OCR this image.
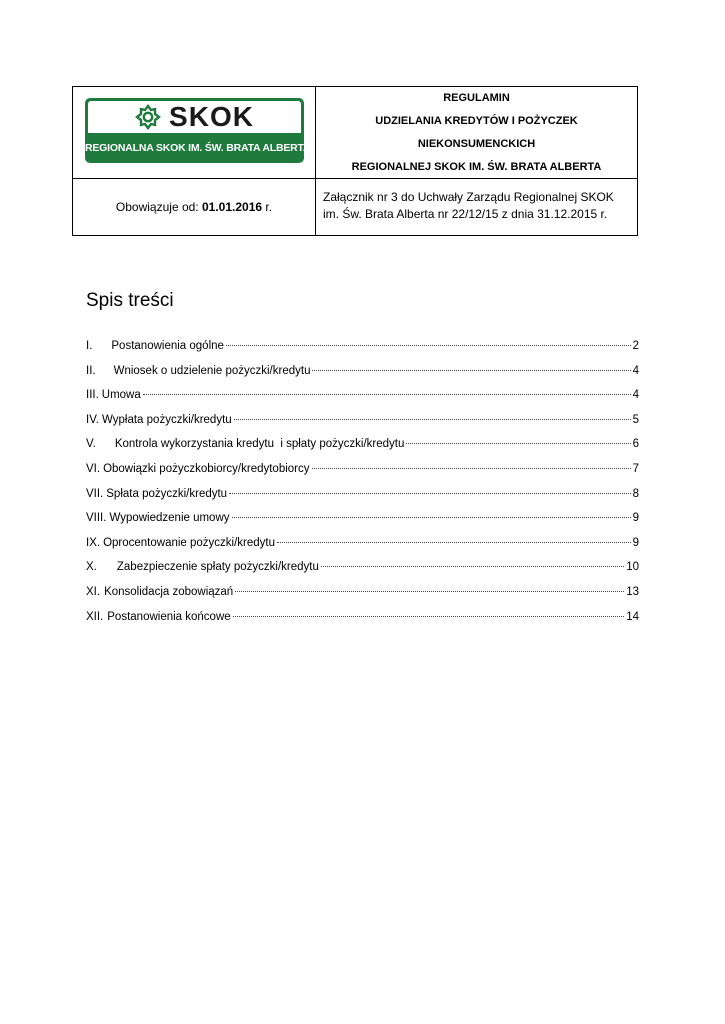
SKOK
REGIONALNA SKOK IM. ŚW. BRATA ALBERTA
REGULAMIN
UDZIELANIA KREDYTÓW I POŻYCZEK
NIEKONSUMENCKICH
REGIONALNEJ SKOK IM. ŚW. BRATA ALBERTA
Obowiązuje od:
01.01.2016
r.
Załącznik nr 3 do Uchwały Zarządu Regionalnej SKOK im. Św. Brata Alberta nr 22/12/15 z dnia 31.12.2015 r.
Spis treści
I. Postanowienia ogólne	2
II. Wniosek o udzielenie pożyczki/kredytu	4
III. Umowa	4
IV. Wypłata pożyczki/kredytu	5
V. Kontrola wykorzystania kredytu  i spłaty pożyczki/kredytu	6
VI. Obowiązki pożyczkobiorcy/kredytobiorcy	7
VII. Spłata pożyczki/kredytu	8
VIII. Wypowiedzenie umowy	9
IX. Oprocentowanie pożyczki/kredytu	9
X. Zabezpieczenie spłaty pożyczki/kredytu	10
XI. Konsolidacja zobowiązań	13
XII. Postanowienia końcowe	14
